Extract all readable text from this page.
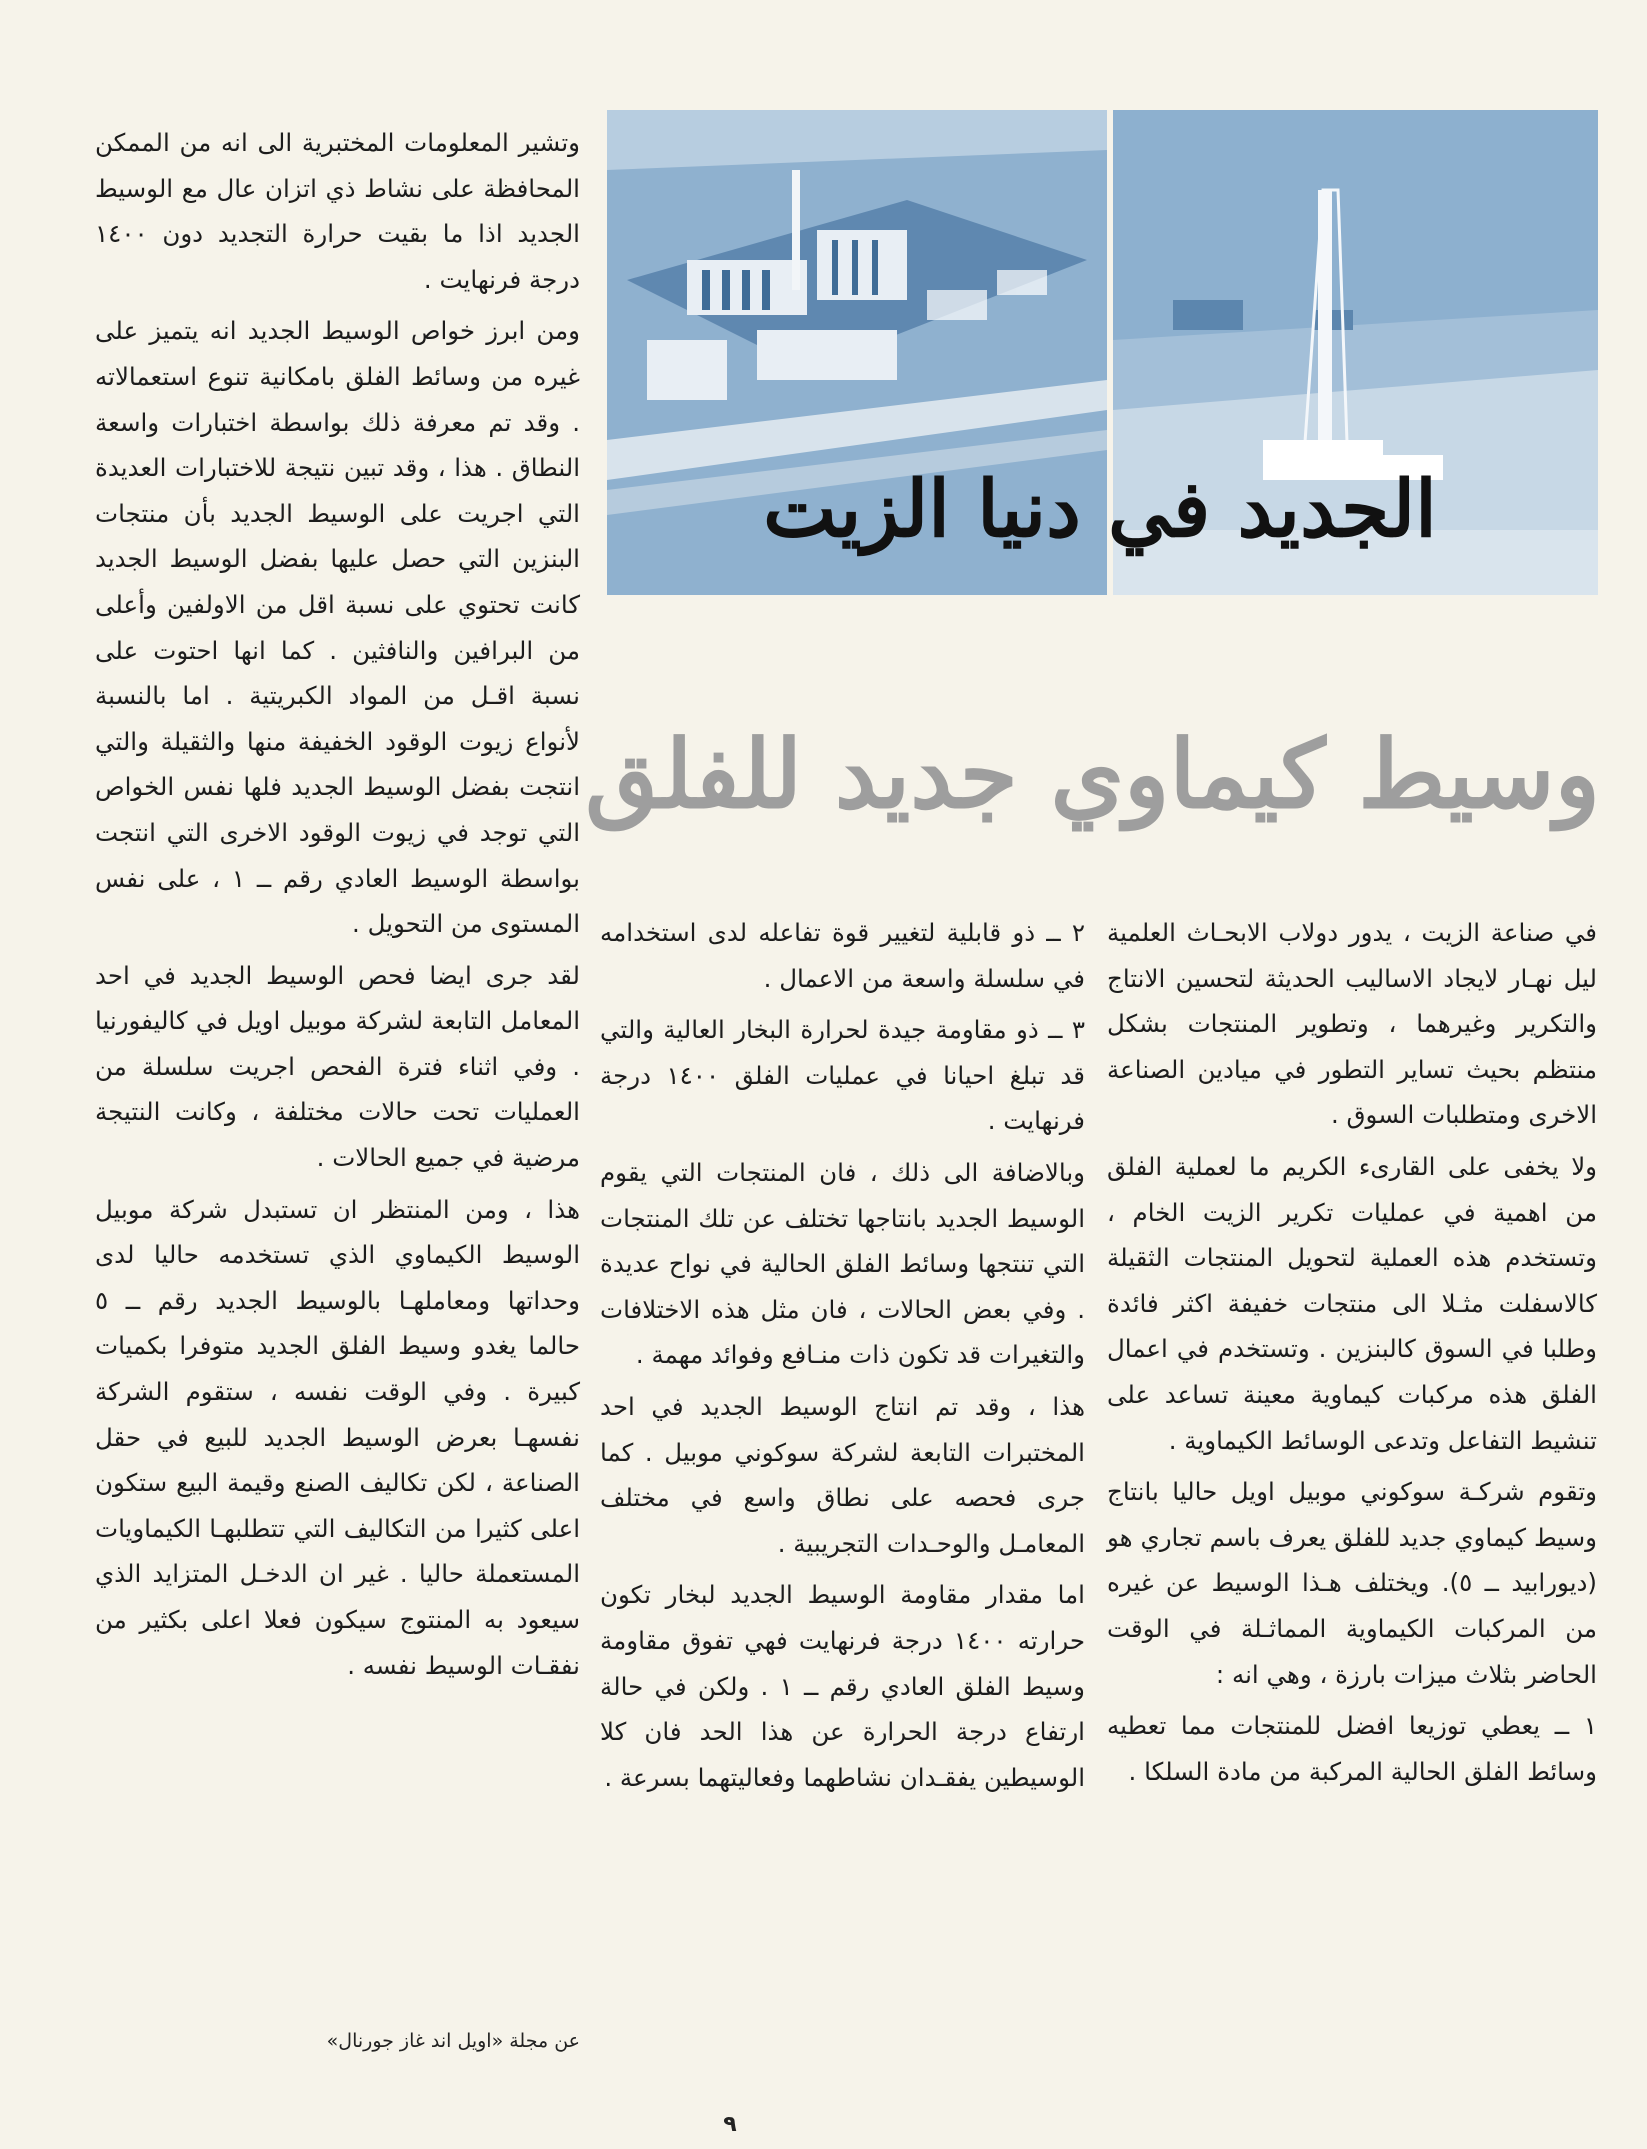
الجديد في دنيا الزيت
وسيط كيماوي جديد للفلق

في صناعة الزيت ، يدور دولاب الابحـاث العلمية ليل نهـار لايجاد الاساليب الحديثة لتحسين الانتاج والتكرير وغيرهما ، وتطوير المنتجات بشكل منتظم بحيث تساير التطور في ميادين الصناعة الاخرى ومتطلبات السوق .

ولا يخفى على القارىء الكريم ما لعملية الفلق من اهمية في عمليات تكرير الزيت الخام ، وتستخدم هذه العملية لتحويل المنتجات الثقيلة كالاسفلت مثـلا الى منتجات خفيفة اكثر فائدة وطلبا في السوق كالبنزين . وتستخدم في اعمال الفلق هذه مركبات كيماوية معينة تساعد على تنشيط التفاعل وتدعى الوسائط الكيماوية .

وتقوم شركـة سوكوني موبيل اويل حاليا بانتاج وسيط كيماوي جديد للفلق يعرف باسم تجاري هو (ديورابيد ــ ٥). ويختلف هـذا الوسيط عن غيره من المركبات الكيماوية المماثـلة في الوقت الحاضر بثلاث ميزات بارزة ، وهي انه :

١ ــ يعطي توزيعا افضل للمنتجات مما تعطيه وسائط الفلق الحالية المركبة من مادة السلكا .

٢ ــ ذو قابلية لتغيير قوة تفاعله لدى استخدامه في سلسلة واسعة من الاعمال .

٣ ــ ذو مقاومة جيدة لحرارة البخار العالية والتي قد تبلغ احيانا في عمليات الفلق ١٤٠٠ درجة فرنهايت .

وبالاضافة الى ذلك ، فان المنتجات التي يقوم الوسيط الجديد بانتاجها تختلف عن تلك المنتجات التي تنتجها وسائط الفلق الحالية في نواح عديدة . وفي بعض الحالات ، فان مثل هذه الاختلافات والتغيرات قد تكون ذات منـافع وفوائد مهمة .

هذا ، وقد تم انتاج الوسيط الجديد في احد المختبرات التابعة لشركة سوكوني موبيل . كما جرى فحصه على نطاق واسع في مختلف المعامـل والوحـدات التجريبية .

اما مقدار مقاومة الوسيط الجديد لبخار تكون حرارته ١٤٠٠ درجة فرنهايت فهي تفوق مقاومة وسيط الفلق العادي رقم ــ ١ . ولكن في حالة ارتفاع درجة الحرارة عن هذا الحد فان كلا الوسيطين يفقـدان نشاطهما وفعاليتهما بسرعة .

وتشير المعلومات المختبرية الى انه من الممكن المحافظة على نشاط ذي اتزان عال مع الوسيط الجديد اذا ما بقيت حرارة التجديد دون ١٤٠٠ درجة فرنهايت .

ومن ابرز خواص الوسيط الجديد انه يتميز على غيره من وسائط الفلق بامكانية تنوع استعمالاته . وقد تم معرفة ذلك بواسطة اختبارات واسعة النطاق . هذا ، وقد تبين نتيجة للاختبارات العديدة التي اجريت على الوسيط الجديد بأن منتجات البنزين التي حصل عليها بفضل الوسيط الجديد كانت تحتوي على نسبة اقل من الاولفين وأعلى من البرافين والنافثين . كما انها احتوت على نسبة اقـل من المواد الكبريتية . اما بالنسبة لأنواع زيوت الوقود الخفيفة منها والثقيلة والتي انتجت بفضل الوسيط الجديد فلها نفس الخواص التي توجد في زيوت الوقود الاخرى التي انتجت بواسطة الوسيط العادي رقم ــ ١ ، على نفس المستوى من التحويل .

لقد جرى ايضا فحص الوسيط الجديد في احد المعامل التابعة لشركة موبيل اويل في كاليفورنيا . وفي اثناء فترة الفحص اجريت سلسلة من العمليات تحت حالات مختلفة ، وكانت النتيجة مرضية في جميع الحالات .

هذا ، ومن المنتظر ان تستبدل شركة موبيل الوسيط الكيماوي الذي تستخدمه حاليا لدى وحداتها ومعاملهـا بالوسيط الجديد رقم ــ ٥ حالما يغدو وسيط الفلق الجديد متوفرا بكميات كبيرة . وفي الوقت نفسه ، ستقوم الشركة نفسهـا بعرض الوسيط الجديد للبيع في حقل الصناعة ، لكن تكاليف الصنع وقيمة البيع ستكون اعلى كثيرا من التكاليف التي تتطلبهـا الكيماويات المستعملة حاليا . غير ان الدخـل المتزايد الذي سيعود به المنتوج سيكون فعلا اعلى بكثير من نفقـات الوسيط نفسه .

عن مجلة «اويل اند غاز جورنال»
٩
